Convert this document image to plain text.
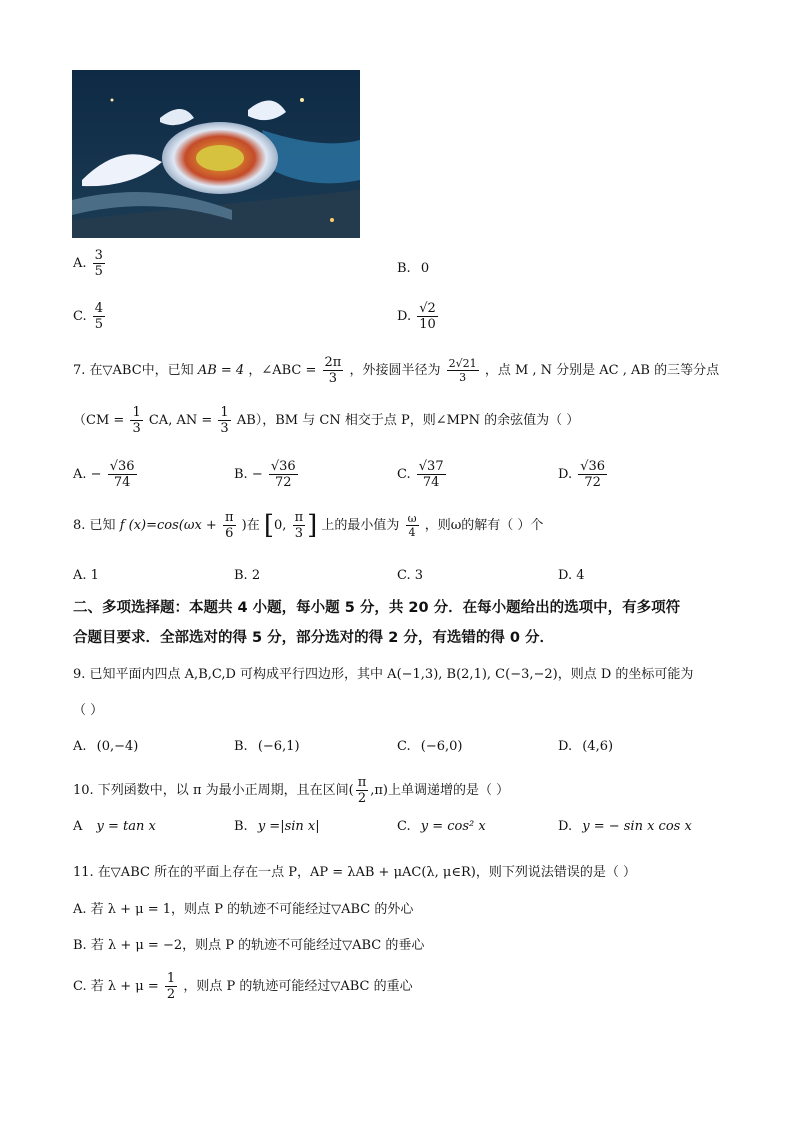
A. $\frac{3}{5}$	B. 0
C. $\frac{4}{5}$	D. $\frac{√2}{10}$
7. 在▽ABC中，已知 AB = 4 ，∠ABC = $\frac{2\pi}{3}$ ，外接圆半径为 $\frac{2√21}{3}$ ，点 M , N 分别是 AC , AB 的三等分点
（$CM = \frac{1}{3}$ CA, AN = $\frac{1}{3} AB$），BM 与 CN 相交于点 P，则∠MPN 的余弦值为（ ）
A. − $\frac{√36}{74}$	B. − $\frac{√36}{72}$	C. $\frac{√37}{74}$	D. $\frac{√36}{72}$
8. 已知 f $(x)=\cos(\omega x + \frac{\pi}{6}$ )在 [0, $\frac{\pi}{3}$ ] 上的最小值为 $\frac{\omega}{4}$ ，则ω的解有（ ）个
A. 1	B. 2	C. 3	D. 4
二、多项选择题：本题共 4 小题，每小题 5 分，共 20 分．在每小题给出的选项中，有多项符
合题目要求．全部选对的得 5 分，部分选对的得 2 分，有选错的得 0 分．
9. 已知平面内四点 A,B,C,D 可构成平行四边形，其中 A(−1,3), B(2,1), C(−3,−2)，则点 D 的坐标可能为
（ ）
A. (0,−4)	B. (−6,1)	C. (−6,0)	D. (4,6)
10. 下列函数中，以 π 为最小正周期，且在区间( $\frac{\pi}{2} ,\pi$)上单调递增的是（ ）
A y = tan x	B. y =|sin x|	C. y = cos² x	D. y = − sin x cos x
11. 在▽ABC 所在的平面上存在一点 P，AP = λAB + μAC(λ, μ∈R)，则下列说法错误的是（ ）
A. 若 λ + μ = 1，则点 P 的轨迹不可能经过▽ABC 的外心
B. 若 λ + μ = −2，则点 P 的轨迹不可能经过▽ABC 的垂心
C. 若 $\lambda + \mu = \frac{1}{2}$ ，则点 P 的轨迹可能经过▽ABC 的重心
